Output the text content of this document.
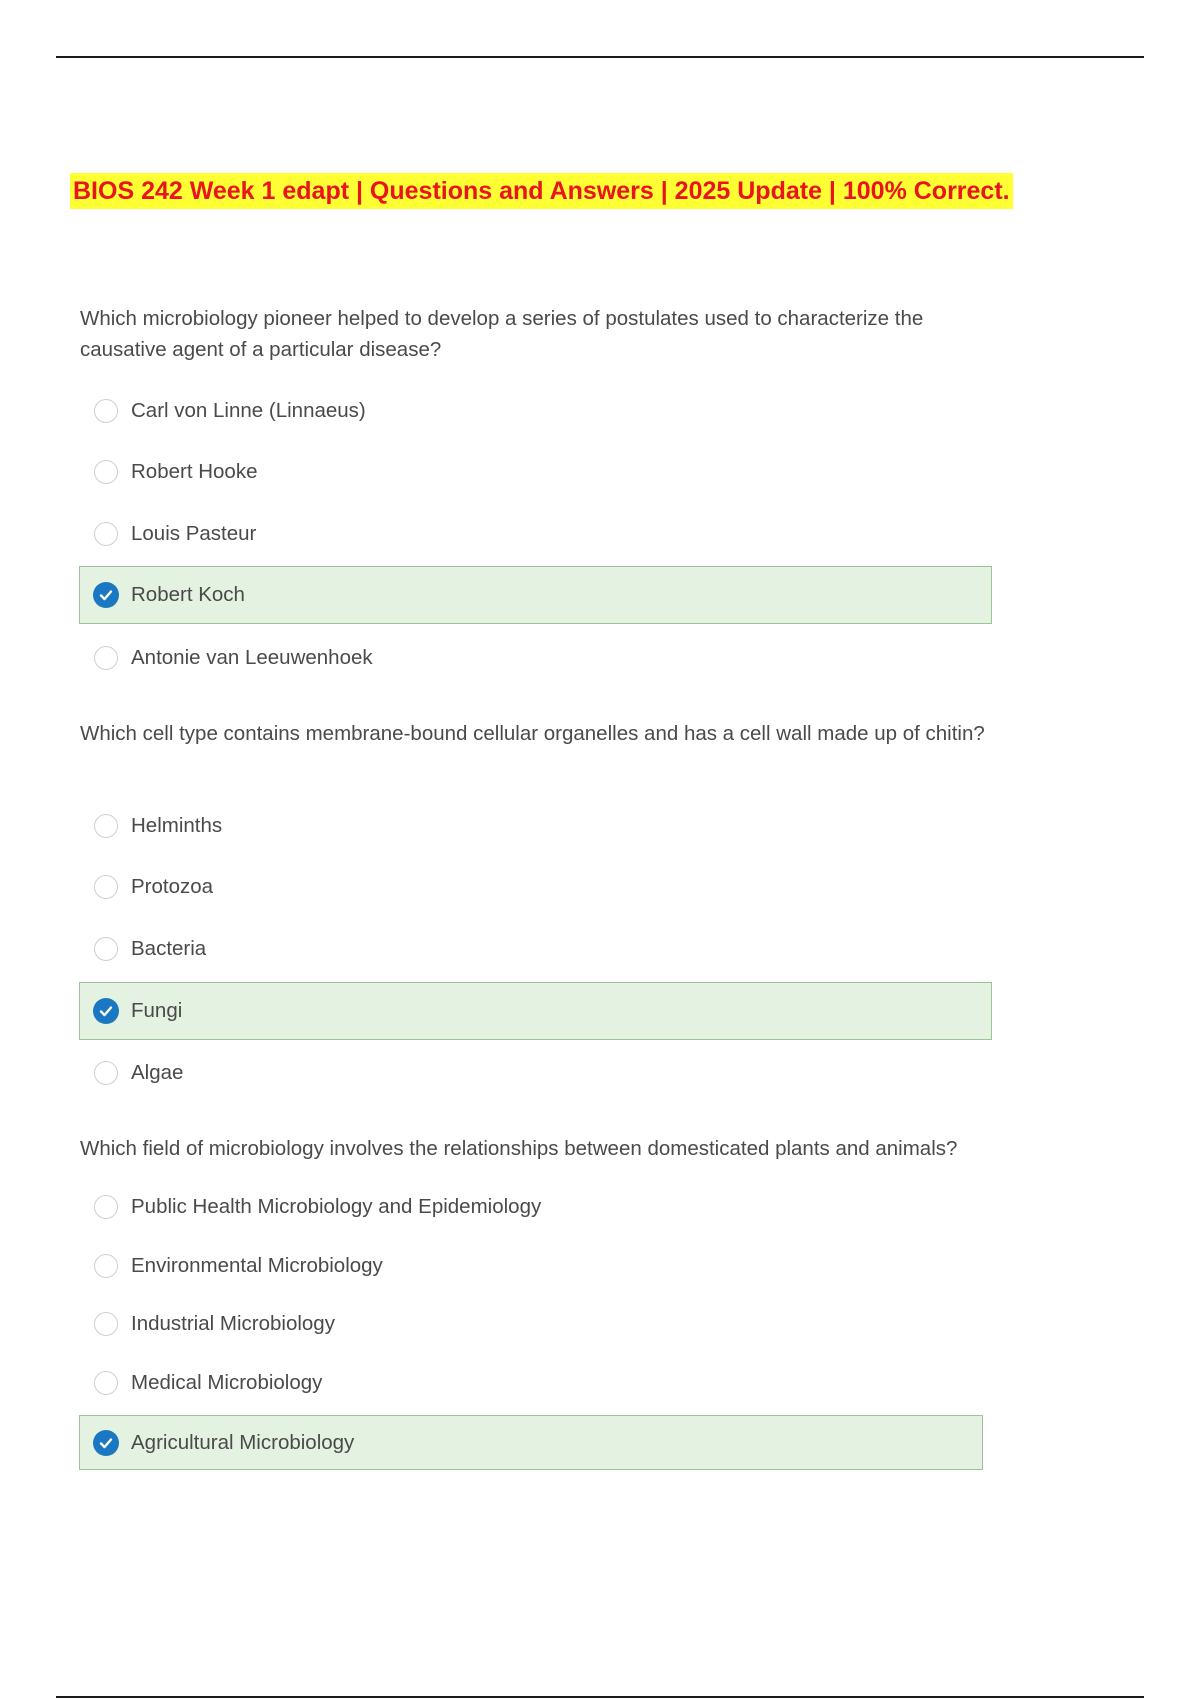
BIOS 242 Week 1 edapt | Questions and Answers | 2025 Update | 100% Correct.
Which microbiology pioneer helped to develop a series of postulates used to characterize the causative agent of a particular disease?
Carl von Linne (Linnaeus)
Robert Hooke
Louis Pasteur
Robert Koch
Antonie van Leeuwenhoek
Which cell type contains membrane-bound cellular organelles and has a cell wall made up of chitin?
Helminths
Protozoa
Bacteria
Fungi
Algae
Which field of microbiology involves the relationships between domesticated plants and animals?
Public Health Microbiology and Epidemiology
Environmental Microbiology
Industrial Microbiology
Medical Microbiology
Agricultural Microbiology
